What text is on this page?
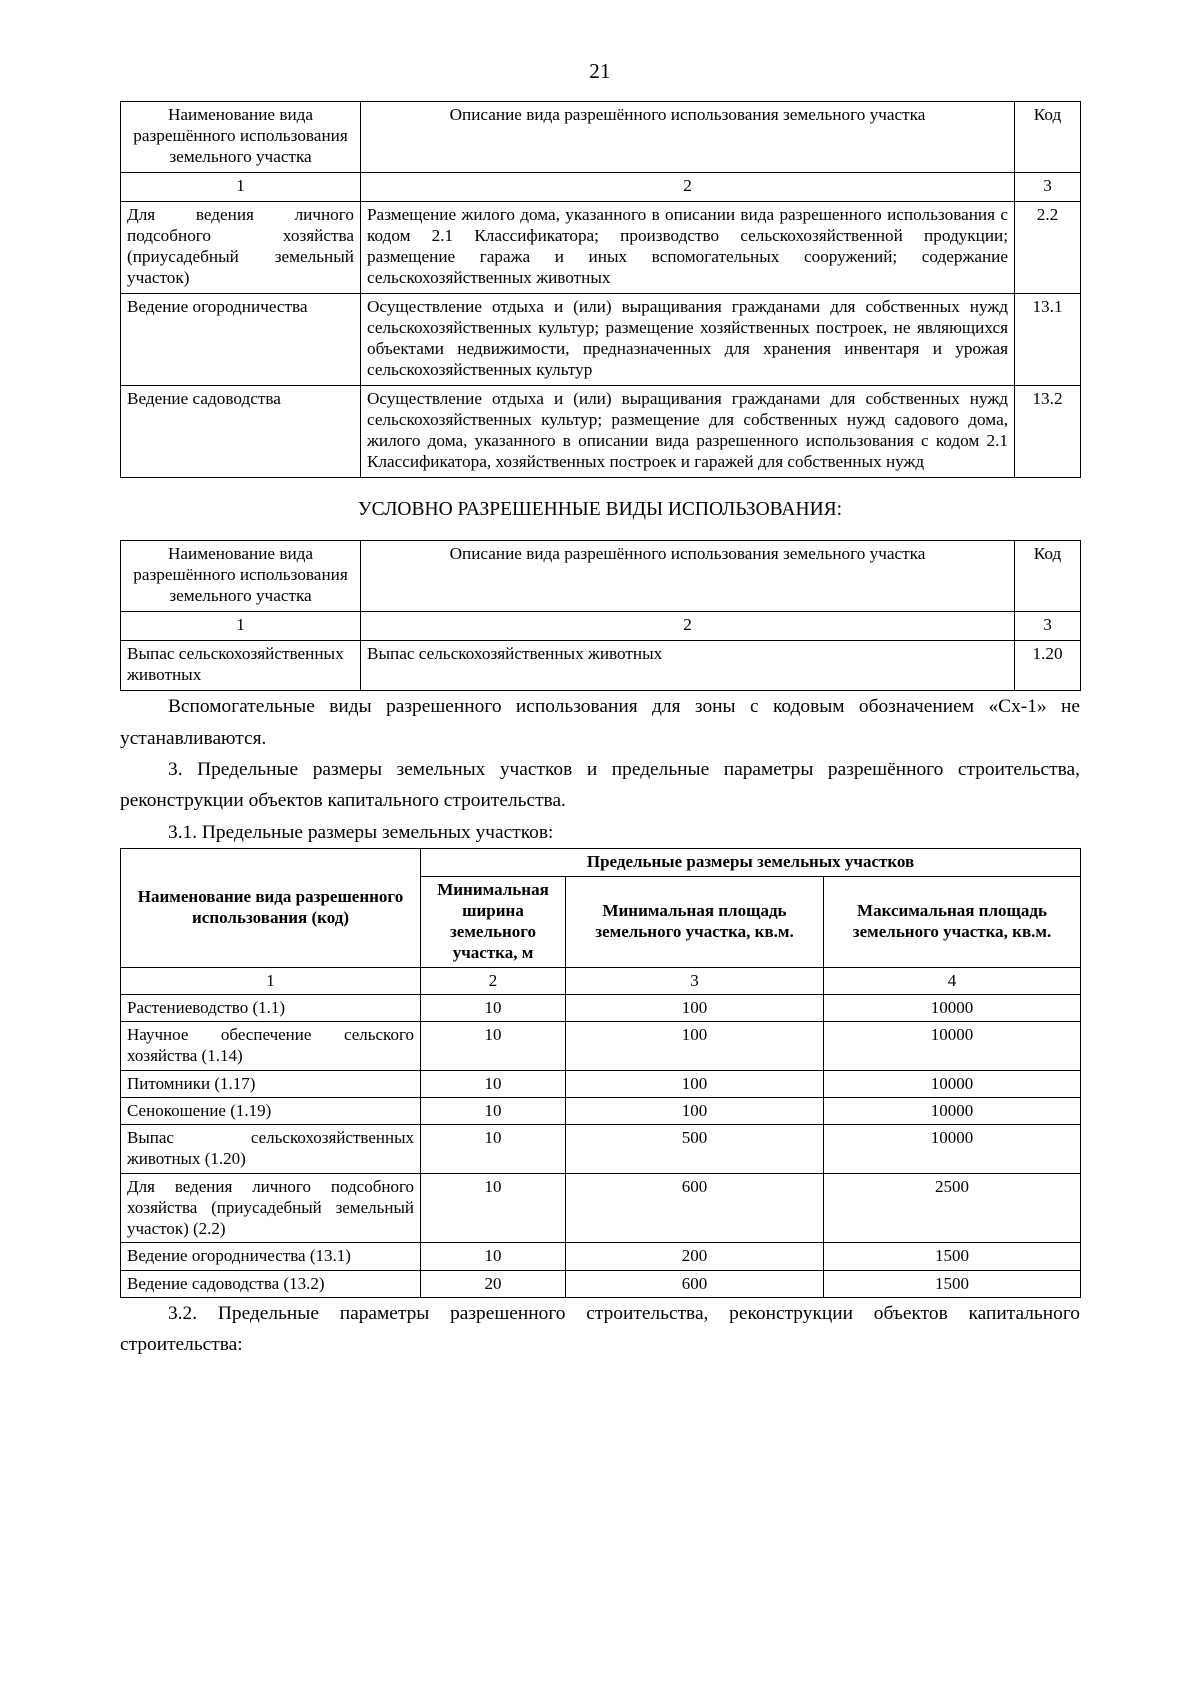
21
Наименование вида разрешённого использования земельного участка	Описание вида разрешённого использования земельного участка	Код
1	2	3
Для ведения личного подсобного хозяйства (приусадебный земельный участок)	Размещение жилого дома, указанного в описании вида разрешенного использования с кодом 2.1 Классификатора; производство сельскохозяйственной продукции; размещение гаража и иных вспомогательных сооружений; содержание сельскохозяйственных животных	2.2
Ведение огородничества	Осуществление отдыха и (или) выращивания гражданами для собственных нужд сельскохозяйственных культур; размещение хозяйственных построек, не являющихся объектами недвижимости, предназначенных для хранения инвентаря и урожая сельскохозяйственных культур	13.1
Ведение садоводства	Осуществление отдыха и (или) выращивания гражданами для собственных нужд сельскохозяйственных культур; размещение для собственных нужд садового дома, жилого дома, указанного в описании вида разрешенного использования с кодом 2.1 Классификатора, хозяйственных построек и гаражей для собственных нужд	13.2
УСЛОВНО РАЗРЕШЕННЫЕ ВИДЫ ИСПОЛЬЗОВАНИЯ:
Наименование вида разрешённого использования земельного участка	Описание вида разрешённого использования земельного участка	Код
1	2	3
Выпас сельскохозяйственных животных	Выпас сельскохозяйственных животных	1.20

Вспомогательные виды разрешенного использования для зоны с кодовым обозначением «Сх-1» не устанавливаются.

3. Предельные размеры земельных участков и предельные параметры разрешённого строительства, реконструкции объектов капитального строительства.

3.1. Предельные размеры земельных участков:

Наименование вида разрешенного использования (код)	Предельные размеры земельных участков		
	Минимальная ширина земельного участка, м	Минимальная площадь земельного участка, кв.м.	Максимальная площадь земельного участка, кв.м.
1	2	3	4
Растениеводство (1.1)	10	100	10000
Научное обеспечение сельского хозяйства (1.14)	10	100	10000
Питомники (1.17)	10	100	10000
Сенокошение (1.19)	10	100	10000
Выпас сельскохозяйственных животных (1.20)	10	500	10000
Для ведения личного подсобного хозяйства (приусадебный земельный участок) (2.2)	10	600	2500
Ведение огородничества (13.1)	10	200	1500
Ведение садоводства (13.2)	20	600	1500

3.2. Предельные параметры разрешенного строительства, реконструкции объектов капитального строительства:
